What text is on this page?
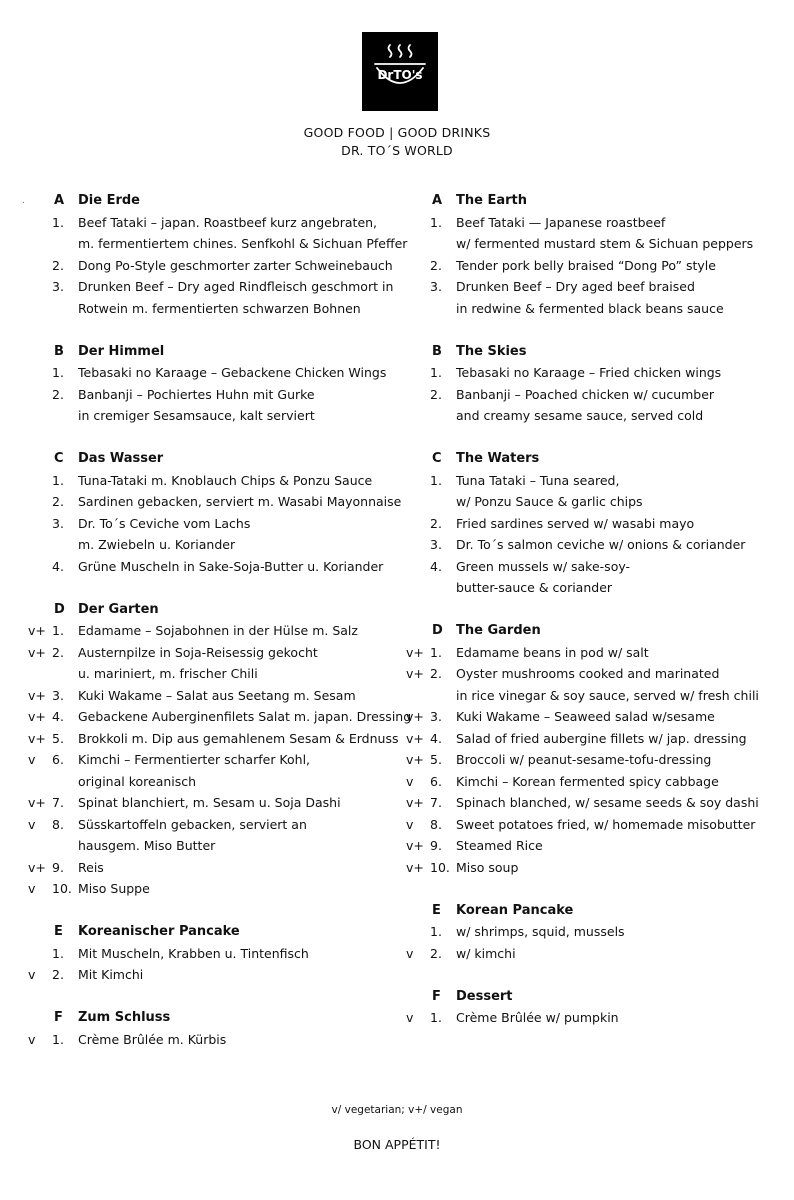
DrTO's
GOOD FOOD | GOOD DRINKS
DR. TO´S WORLD
. A Die Erde
1. Beef Tataki – japan. Roastbeef kurz angebraten,
m. fermentiertem chines. Senfkohl & Sichuan Pfeffer
2. Dong Po-Style geschmorter zarter Schweinebauch
3. Drunken Beef – Dry aged Rindfleisch geschmort in
Rotwein m. fermentierten schwarzen Bohnen
B Der Himmel
1. Tebasaki no Karaage – Gebackene Chicken Wings
2. Banbanji – Pochiertes Huhn mit Gurke
in cremiger Sesamsauce, kalt serviert
C Das Wasser
1. Tuna-Tataki m. Knoblauch Chips & Ponzu Sauce
2. Sardinen gebacken, serviert m. Wasabi Mayonnaise
3. Dr. To´s Ceviche vom Lachs
m. Zwiebeln u. Koriander
4. Grüne Muscheln in Sake-Soja-Butter u. Koriander
D Der Garten
v+ 1. Edamame – Sojabohnen in der Hülse m. Salz
v+ 2. Austernpilze in Soja-Reisessig gekocht
u. mariniert, m. frischer Chili
v+ 3. Kuki Wakame – Salat aus Seetang m. Sesam
v+ 4. Gebackene Auberginenfilets Salat m. japan. Dressing
v+ 5. Brokkoli m. Dip aus gemahlenem Sesam & Erdnuss
v 6. Kimchi – Fermentierter scharfer Kohl,
original koreanisch
v+ 7. Spinat blanchiert, m. Sesam u. Soja Dashi
v 8. Süsskartoffeln gebacken, serviert an
hausgem. Miso Butter
v+ 9. Reis
v 10. Miso Suppe
E Koreanischer Pancake
1. Mit Muscheln, Krabben u. Tintenfisch
v 2. Mit Kimchi
F Zum Schluss
v 1. Crème Brûlée m. Kürbis
A The Earth
1. Beef Tataki — Japanese roastbeef
w/ fermented mustard stem & Sichuan peppers
2. Tender pork belly braised “Dong Po” style
3. Drunken Beef – Dry aged beef braised
in redwine & fermented black beans sauce
B The Skies
1. Tebasaki no Karaage – Fried chicken wings
2. Banbanji – Poached chicken w/ cucumber
and creamy sesame sauce, served cold
C The Waters
1. Tuna Tataki – Tuna seared,
w/ Ponzu Sauce & garlic chips
2. Fried sardines served w/ wasabi mayo
3. Dr. To´s salmon ceviche w/ onions & coriander
4. Green mussels w/ sake-soy-
butter-sauce & coriander
D The Garden
v+ 1. Edamame beans in pod w/ salt
v+ 2. Oyster mushrooms cooked and marinated
in rice vinegar & soy sauce, served w/ fresh chili
v+ 3. Kuki Wakame – Seaweed salad w/sesame
v+ 4. Salad of fried aubergine fillets w/ jap. dressing
v+ 5. Broccoli w/ peanut-sesame-tofu-dressing
v 6. Kimchi – Korean fermented spicy cabbage
v+ 7. Spinach blanched, w/ sesame seeds & soy dashi
v 8. Sweet potatoes fried, w/ homemade misobutter
v+ 9. Steamed Rice
v+ 10. Miso soup
E Korean Pancake
1. w/ shrimps, squid, mussels
v 2. w/ kimchi
F Dessert
v 1. Crème Brûlée w/ pumpkin
v/ vegetarian; v+/ vegan
BON APPÉTIT!
